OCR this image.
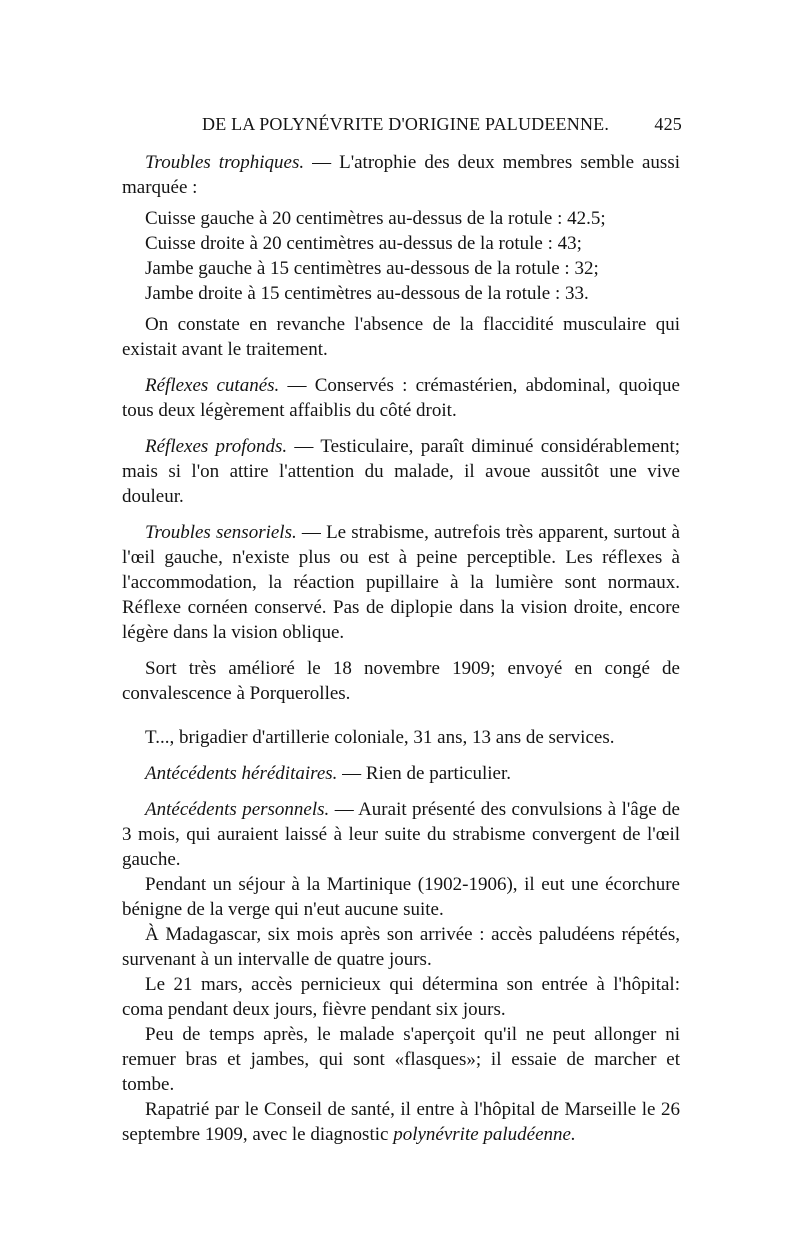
DE LA POLYNÉVRITE D'ORIGINE PALUDEENNE.	425

Troubles trophiques. — L'atrophie des deux membres semble aussi marquée :

Cuisse gauche à 20 centimètres au-dessus de la rotule : 42.5;
Cuisse droite à 20 centimètres au-dessus de la rotule : 43;
Jambe gauche à 15 centimètres au-dessous de la rotule : 32;
Jambe droite à 15 centimètres au-dessous de la rotule : 33.

On constate en revanche l'absence de la flaccidité musculaire qui existait avant le traitement.

Réflexes cutanés. — Conservés : crémastérien, abdominal, quoique tous deux légèrement affaiblis du côté droit.

Réflexes profonds. — Testiculaire, paraît diminué considérablement; mais si l'on attire l'attention du malade, il avoue aussitôt une vive douleur.

Troubles sensoriels. — Le strabisme, autrefois très apparent, surtout à l'œil gauche, n'existe plus ou est à peine perceptible. Les réflexes à l'accommodation, la réaction pupillaire à la lumière sont normaux. Réflexe cornéen conservé. Pas de diplopie dans la vision droite, encore légère dans la vision oblique.

Sort très amélioré le 18 novembre 1909; envoyé en congé de convalescence à Porquerolles.

T..., brigadier d'artillerie coloniale, 31 ans, 13 ans de services.

Antécédents héréditaires. — Rien de particulier.

Antécédents personnels. — Aurait présenté des convulsions à l'âge de 3 mois, qui auraient laissé à leur suite du strabisme convergent de l'œil gauche.

Pendant un séjour à la Martinique (1902-1906), il eut une écorchure bénigne de la verge qui n'eut aucune suite.

À Madagascar, six mois après son arrivée : accès paludéens répétés, survenant à un intervalle de quatre jours.

Le 21 mars, accès pernicieux qui détermina son entrée à l'hôpital: coma pendant deux jours, fièvre pendant six jours.

Peu de temps après, le malade s'aperçoit qu'il ne peut allonger ni remuer bras et jambes, qui sont «flasques»; il essaie de marcher et tombe.

Rapatrié par le Conseil de santé, il entre à l'hôpital de Marseille le 26 septembre 1909, avec le diagnostic polynévrite paludéenne.
